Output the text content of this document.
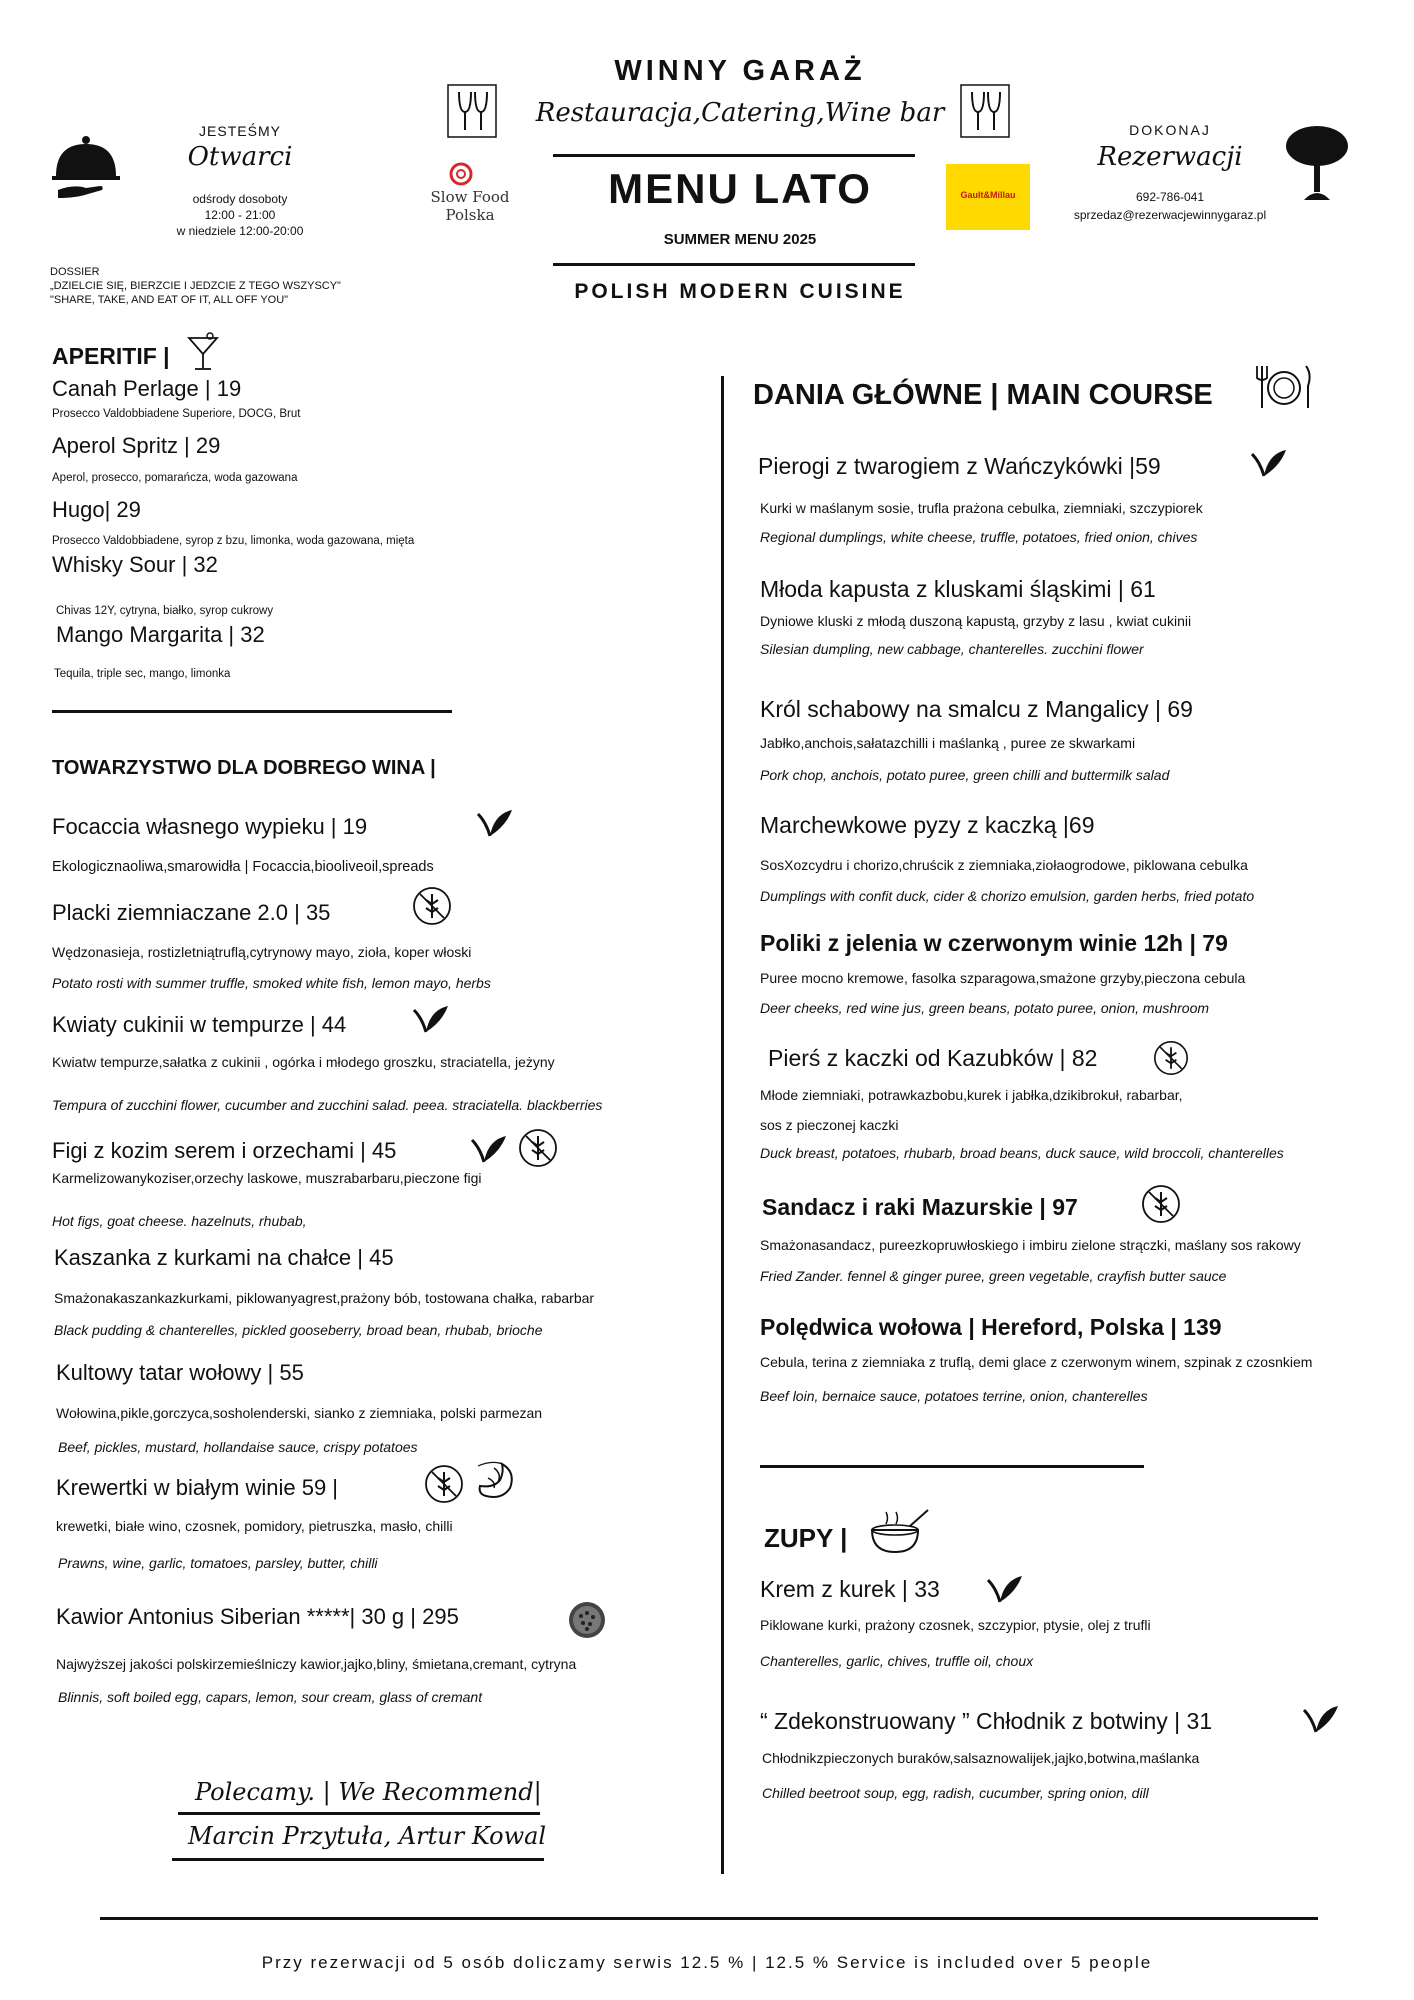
JESTEŚMY
Otwarci
odśrody dosoboty
12:00 - 21:00
w niedziele 12:00-20:00
Slow Food
Polska
Gault&Millau
WINNY GARAŻ
Restauracja,Catering,Wine bar
MENU LATO
SUMMER MENU 2025
POLISH MODERN CUISINE
DOKONAJ
Rezerwacji
692-786-041
sprzedaz@rezerwacjewinnygaraz.pl
DOSSIER
„DZIELCIE SIĘ, BIERZCIE I JEDZCIE Z TEGO WSZYSCY"
"SHARE, TAKE, AND EAT OF IT, ALL OFF YOU"
APERITIF |
Canah Perlage | 19
Prosecco Valdobbiadene Superiore, DOCG, Brut
Aperol Spritz | 29
Aperol, prosecco, pomarańcza, woda gazowana
Hugo| 29
Prosecco Valdobbiadene, syrop z bzu, limonka, woda gazowana, mięta
Whisky Sour | 32
Chivas 12Y, cytryna, białko, syrop cukrowy
Mango Margarita | 32
Tequila, triple sec, mango, limonka
TOWARZYSTWO DLA DOBREGO WINA |
Focaccia własnego wypieku | 19
Ekologicznaoliwa,smarowidła | Focaccia,biooliveoil,spreads
Placki ziemniaczane 2.0 | 35
Wędzonasieja, rostizletniątruflą,cytrynowy mayo, zioła, koper włoski
Potato rosti with summer truffle, smoked white fish, lemon mayo, herbs
Kwiaty cukinii w tempurze | 44
Kwiatw tempurze,sałatka z cukinii , ogórka i młodego groszku, straciatella, jeżyny
Tempura of zucchini flower, cucumber and zucchini salad. peea. straciatella. blackberries
Figi z kozim serem i orzechami | 45
Karmelizowanykoziser,orzechy laskowe, muszrabarbaru,pieczone figi
Hot figs, goat cheese. hazelnuts, rhubab,
Kaszanka z kurkami na chałce | 45
Smażonakaszankazkurkami, piklowanyagrest,prażony bób, tostowana chałka, rabarbar
Black pudding & chanterelles, pickled gooseberry, broad bean, rhubab, brioche
Kultowy tatar wołowy | 55
Wołowina,pikle,gorczyca,sosholenderski, sianko z ziemniaka, polski parmezan
Beef, pickles, mustard, hollandaise sauce, crispy potatoes
Krewertki w białym winie 59 |
krewetki, białe wino, czosnek, pomidory, pietruszka, masło, chilli
Prawns, wine, garlic, tomatoes, parsley, butter, chilli
Kawior Antonius Siberian *****| 30 g | 295
Najwyższej jakości polskirzemieślniczy kawior,jajko,bliny, śmietana,cremant, cytryna
Blinnis, soft boiled egg, capars, lemon, sour cream, glass of cremant
Polecamy. | We Recommend|
Marcin Przytuła, Artur Kowal
DANIA GŁÓWNE | MAIN COURSE
Pierogi z twarogiem z Wańczykówki |59
Kurki w maślanym sosie, trufla prażona cebulka, ziemniaki, szczypiorek
Regional dumplings, white cheese, truffle, potatoes, fried onion, chives
Młoda kapusta z kluskami śląskimi | 61
Dyniowe kluski z młodą duszoną kapustą, grzyby z lasu , kwiat cukinii
Silesian dumpling, new cabbage, chanterelles. zucchini flower
Król schabowy na smalcu z Mangalicy | 69
Jabłko,anchois,sałatazchilli i maślanką , puree ze skwarkami
Pork chop, anchois, potato puree, green chilli and buttermilk salad
Marchewkowe pyzy z kaczką |69
SosXozcydru i chorizo,chruścik z ziemniaka,ziołaogrodowe, piklowana cebulka
Dumplings with confit duck, cider & chorizo emulsion, garden herbs, fried potato
Poliki z jelenia w czerwonym winie 12h | 79
Puree mocno kremowe, fasolka szparagowa,smażone grzyby,pieczona cebula
Deer cheeks, red wine jus, green beans, potato puree, onion, mushroom
Pierś z kaczki od Kazubków | 82
Młode ziemniaki, potrawkazbobu,kurek i jabłka,dzikibrokuł, rabarbar,
sos z pieczonej kaczki
Duck breast, potatoes, rhubarb, broad beans, duck sauce, wild broccoli, chanterelles
Sandacz i raki Mazurskie | 97
Smażonasandacz, pureezkopruwłoskiego i imbiru zielone strączki, maślany sos rakowy
Fried Zander. fennel & ginger puree, green vegetable, crayfish butter sauce
Polędwica wołowa | Hereford, Polska | 139
Cebula, terina z ziemniaka z truflą, demi glace z czerwonym winem, szpinak z czosnkiem
Beef loin, bernaice sauce, potatoes terrine, onion, chanterelles
ZUPY |
Krem z kurek | 33
Piklowane kurki, prażony czosnek, szczypior, ptysie, olej z trufli
Chanterelles, garlic, chives, truffle oil, choux
“ Zdekonstruowany ” Chłodnik z botwiny | 31
Chłodnikzpieczonych buraków,salsaznowalijek,jajko,botwina,maślanka
Chilled beetroot soup, egg, radish, cucumber, spring onion, dill
Przy rezerwacji od 5 osób doliczamy serwis 12.5 % | 12.5 % Service is included over 5 people
